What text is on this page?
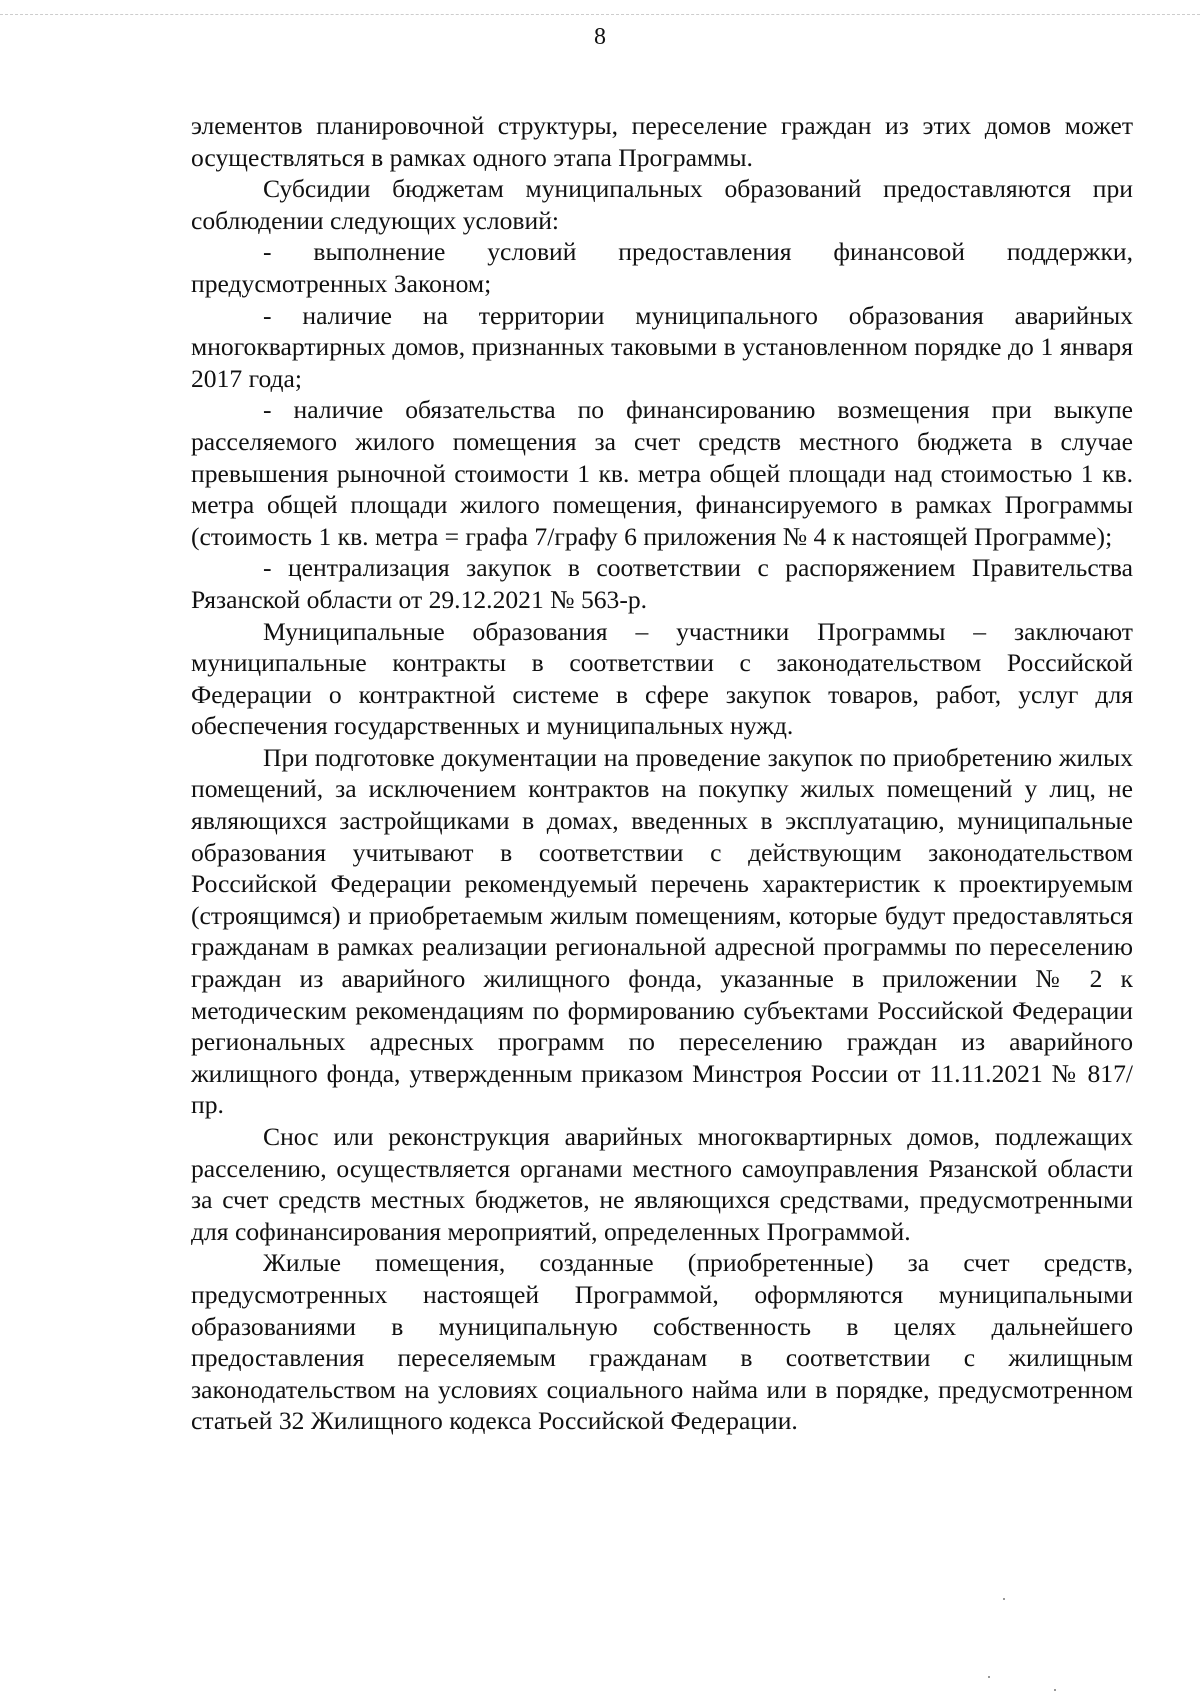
8

элементов планировочной структуры, переселение граждан из этих домов может осуществляться в рамках одного этапа Программы.

Субсидии бюджетам муниципальных образований предоставляются при соблюдении следующих условий:

- выполнение условий предоставления финансовой поддержки, предусмотренных Законом;

- наличие на территории муниципального образования аварийных многоквартирных домов, признанных таковыми в установленном порядке до 1 января 2017 года;

- наличие обязательства по финансированию возмещения при выкупе расселяемого жилого помещения за счет средств местного бюджета в случае превышения рыночной стоимости 1 кв. метра общей площади над стоимостью 1 кв. метра общей площади жилого помещения, финансируемого в рамках Программы (стоимость 1 кв. метра = графа 7/графу 6 приложения № 4 к настоящей Программе);

- централизация закупок в соответствии с распоряжением Правительства Рязанской области от 29.12.2021 № 563-р.

Муниципальные образования – участники Программы – заключают муниципальные контракты в соответствии с законодательством Российской Федерации о контрактной системе в сфере закупок товаров, работ, услуг для обеспечения государственных и муниципальных нужд.

При подготовке документации на проведение закупок по приобретению жилых помещений, за исключением контрактов на покупку жилых помещений у лиц, не являющихся застройщиками в домах, введенных в эксплуатацию, муниципальные образования учитывают в соответствии с действующим законодательством Российской Федерации рекомендуемый перечень характеристик к проектируемым (строящимся) и приобретаемым жилым помещениям, которые будут предоставляться гражданам в рамках реализации региональной адресной программы по переселению граждан из аварийного жилищного фонда, указанные в приложении № 2 к методическим рекомендациям по формированию субъектами Российской Федерации региональных адресных программ по переселению граждан из аварийного жилищного фонда, утвержденным приказом Минстроя России от 11.11.2021 № 817/пр.

Снос или реконструкция аварийных многоквартирных домов, подлежащих расселению, осуществляется органами местного самоуправления Рязанской области за счет средств местных бюджетов, не являющихся средствами, предусмотренными для софинансирования мероприятий, определенных Программой.

Жилые помещения, созданные (приобретенные) за счет средств, предусмотренных настоящей Программой, оформляются муниципальными образованиями в муниципальную собственность в целях дальнейшего предоставления переселяемым гражданам в соответствии с жилищным законодательством на условиях социального найма или в порядке, предусмотренном статьей 32 Жилищного кодекса Российской Федерации.
